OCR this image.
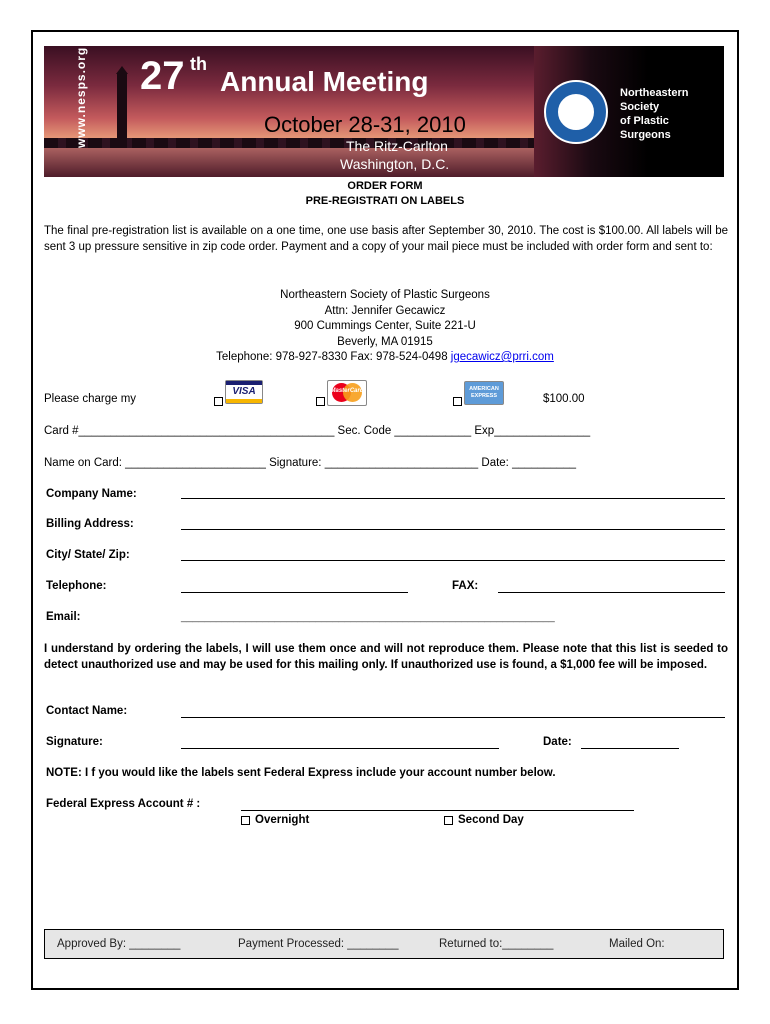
www.nesps.org 27 th
Annual Meeting
October 28-31, 2010
The Ritz-Carlton
Washington, D.C.
Northeastern
Society
of Plastic
Surgeons
ORDER FORM
PRE-REGISTRATI ON LABELS
The final pre-registration list is available on a one time, one use basis after September 30, 2010. The cost is $100.00. All labels will be sent 3 up pressure sensitive in zip code order. Payment and a copy of your mail piece must be included with order form and sent to:
Northeastern Society of Plastic Surgeons
Attn: Jennifer Gecawicz
900 Cummings Center, Suite 221-U
Beverly, MA 01915
Telephone: 978-927-8330 Fax: 978-524-0498 jgecawicz@prri.com
Please charge my
VISA	MasterCard	AMERICAN EXPRESS	$100.00
Card #________________________________________ Sec. Code ____________ Exp_______________
Name on Card: ______________________ Signature: ________________________ Date: __________
Company Name:
Billing Address:
City/ State/ Zip:
Telephone:	FAX:
Email:	________________________________________________________________
I understand by ordering the labels, I will use them once and will not reproduce them. Please note that this list is seeded to detect unauthorized use and may be used for this mailing only. If unauthorized use is found, a $1,000 fee will be imposed.
Contact Name:
Signature:	Date:
NOTE: I f you would like the labels sent Federal Express include your account number below.
Federal Express Account # :
Overnight	Second Day
Approved By: ________	Payment Processed: ________	Returned to:________	Mailed On:
